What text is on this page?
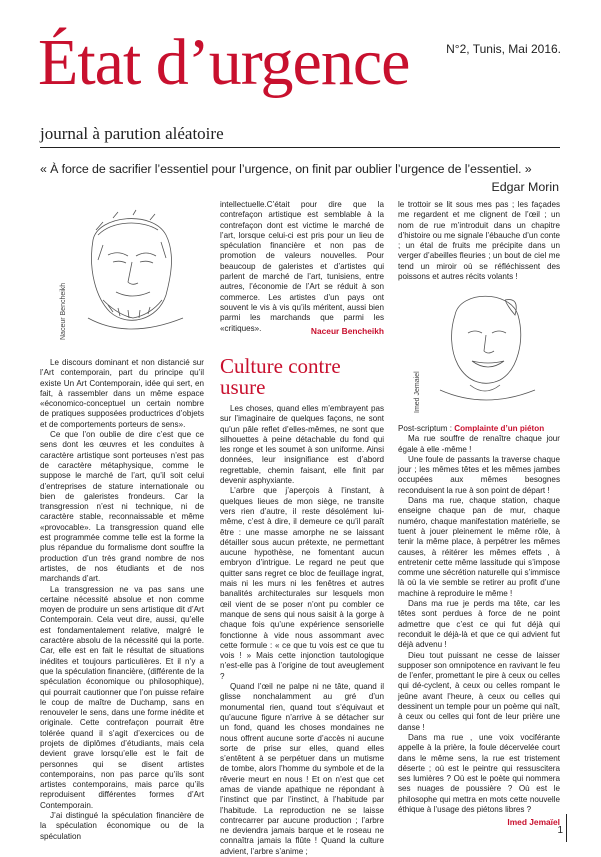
État d’urgence
journal à parution aléatoire
N°2, Tunis, Mai 2016.
« À force de sacrifier l’essentiel pour l’urgence, on finit par oublier l’urgence de l’essentiel. »
Edgar Morin
Naceur Bencheikh
Imed Jemaiel

Le discours dominant et non distancié sur l’Art contemporain, part du principe qu’il existe Un Art Contemporain, idée qui sert, en fait, à rassembler dans un même espace «économico-conceptuel un certain nombre de pratiques supposées productrices d’objets et de comportements porteurs de sens».

Ce que l’on oublie de dire c’est que ce sens dont les œuvres et les conduites à caractère artistique sont porteuses n’est pas de caractère métaphysique, comme le suppose le marché de l’art, qu’il soit celui d’entreprises de stature internationale ou bien de galeristes frondeurs. Car la transgression n’est ni technique, ni de caractère stable, reconnaissable et même «provocable». La transgression quand elle est programmée comme telle est la forme la plus répandue du formalisme dont souffre la production d’un très grand nombre de nos artistes, de nos étudiants et de nos marchands d’art.

La transgression ne va pas sans une certaine nécessité absolue et non comme moyen de produire un sens artistique dit d’Art Contemporain. Cela veut dire, aussi, qu’elle est fondamentalement relative, malgré le caractère absolu de la nécessité qui la porte. Car, elle est en fait le résultat de situations inédites et toujours particulières. Et il n’y a que la spéculation financière, (différente de la spéculation économique ou philosophique), qui pourrait cautionner que l’on puisse refaire le coup de maître de Duchamp, sans en renouveler le sens, dans une forme inédite et originale. Cette contrefaçon pourrait être tolérée quand il s’agit d’exercices ou de projets de diplômes d’étudiants, mais cela devient grave lorsqu’elle est le fait de personnes qui se disent artistes contemporains, non pas parce qu’ils sont artistes contemporains, mais parce qu’ils reproduisent différentes formes d’Art Contemporain.

J’ai distingué la spéculation financière de la spéculation économique ou de la spéculation

intellectuelle.C’était pour dire que la contrefaçon artistique est semblable à la contrefaçon dont est victime le marché de l’art, lorsque celui-ci est pris pour un lieu de spéculation financière et non pas de promotion de valeurs nouvelles. Pour beaucoup de galeristes et d’artistes qui parlent de marché de l’art, tunisiens, entre autres, l’économie de l’Art se réduit à son commerce. Les artistes d’un pays ont souvent le vis à vis qu’ils méritent, aussi bien parmi les marchands que parmi les «critiques».	Naceur Bencheikh
Culture contre usure

Les choses, quand elles m’embrayent pas sur l’imaginaire de quelques façons, ne sont qu’un pâle reflet d’elles-mêmes, ne sont que silhouettes à peine détachable du fond qui les ronge et les soumet à son uniforme. Ainsi données, leur insignifiance est d’abord regrettable, chemin faisant, elle finit par devenir asphyxiante.

L’arbre que j’aperçois à l’instant, à quelques lieues de mon siège, ne transite vers rien d’autre, il reste désolément lui-même, c’est à dire, il demeure ce qu’il paraît être : une masse amorphe ne se laissant détailler sous aucun prétexte, ne permettant aucune hypothèse, ne fomentant aucun embryon d’intrigue. Le regard ne peut que quitter sans regret ce bloc de feuillage ingrat, mais ni les murs ni les fenêtres et autres banalités architecturales sur lesquels mon œil vient de se poser n’ont pu combler ce manque de sens qui nous saisit à la gorge à chaque fois qu’une expérience sensorielle fonctionne à vide nous assommant avec cette formule : « ce que tu vois est ce que tu vois ! » Mais cette injonction tautologique n’est-elle pas à l’origine de tout aveuglement ?

Quand l’œil ne palpe ni ne tâte, quand il glisse nonchalamment au gré d’un monumental rien, quand tout s’équivaut et qu’aucune figure n’arrive à se détacher sur un fond, quand les choses mondaines ne nous offrent aucune sorte d’accès ni aucune sorte de prise sur elles, quand elles s’entêtent à se perpétuer dans un mutisme de tombe, alors l’homme du symbole et de la rêverie meurt en nous ! Et on n’est que cet amas de viande apathique ne répondant à l’instinct que par l’instinct, à l’habitude par l’habitude. La reproduction ne se laisse contrecarrer par aucune production ; l’arbre ne deviendra jamais barque et le roseau ne connaîtra jamais la flûte ! Quand la culture advient, l’arbre s’anime ;

le trottoir se lit sous mes pas ; les façades me regardent et me clignent de l’œil ; un nom de rue m’introduit dans un chapitre d’histoire ou me signale l’ébauche d’un conte ; un étal de fruits me précipite dans un verger d’abeilles fleuries ; un bout de ciel me tend un miroir où se réfléchissent des poissons et autres récits volants !

Post-scriptum : Complainte d’un piéton

Ma rue souffre de renaître chaque jour égale à elle -même !

Une foule de passants la traverse chaque jour ; les mêmes têtes et les mêmes jambes occupées aux mêmes besognes reconduisent la rue à son point de départ !

Dans ma rue, chaque station, chaque enseigne chaque pan de mur, chaque numéro, chaque manifestation matérielle, se tuent à jouer pleinement le même rôle, à tenir la même place, à perpétrer les mêmes causes, à réitérer les mêmes effets , à entretenir cette même lassitude qui s’impose comme une sécrétion naturelle qui s’immisce là où la vie semble se retirer au profit d’une machine à reproduire le même !

Dans ma rue je perds ma tête, car les têtes sont perdues à force de ne point admettre que c’est ce qui fut déjà qui reconduit le déjà-là et que ce qui advient fut déjà advenu !

Dieu tout puissant ne cesse de laisser supposer son omnipotence en ravivant le feu de l’enfer, promettant le pire à ceux ou celles qui dé-cyclent, à ceux ou celles rompant le jeûne avant l’heure, à ceux ou celles qui dessinent un temple pour un poème qui naît, à ceux ou celles qui font de leur prière une danse !

Dans ma rue , une voix vociférante appelle à la prière, la foule décervelée court dans le même sens, la rue est tristement déserte ; où est le peintre qui ressuscitera ses lumières ? Où est le poète qui nommera ses nuages de poussière ? Où est le philosophe qui mettra en mots cette nouvelle éthique à l’usage des piétons libres ?

Imed Jemaïel
1
